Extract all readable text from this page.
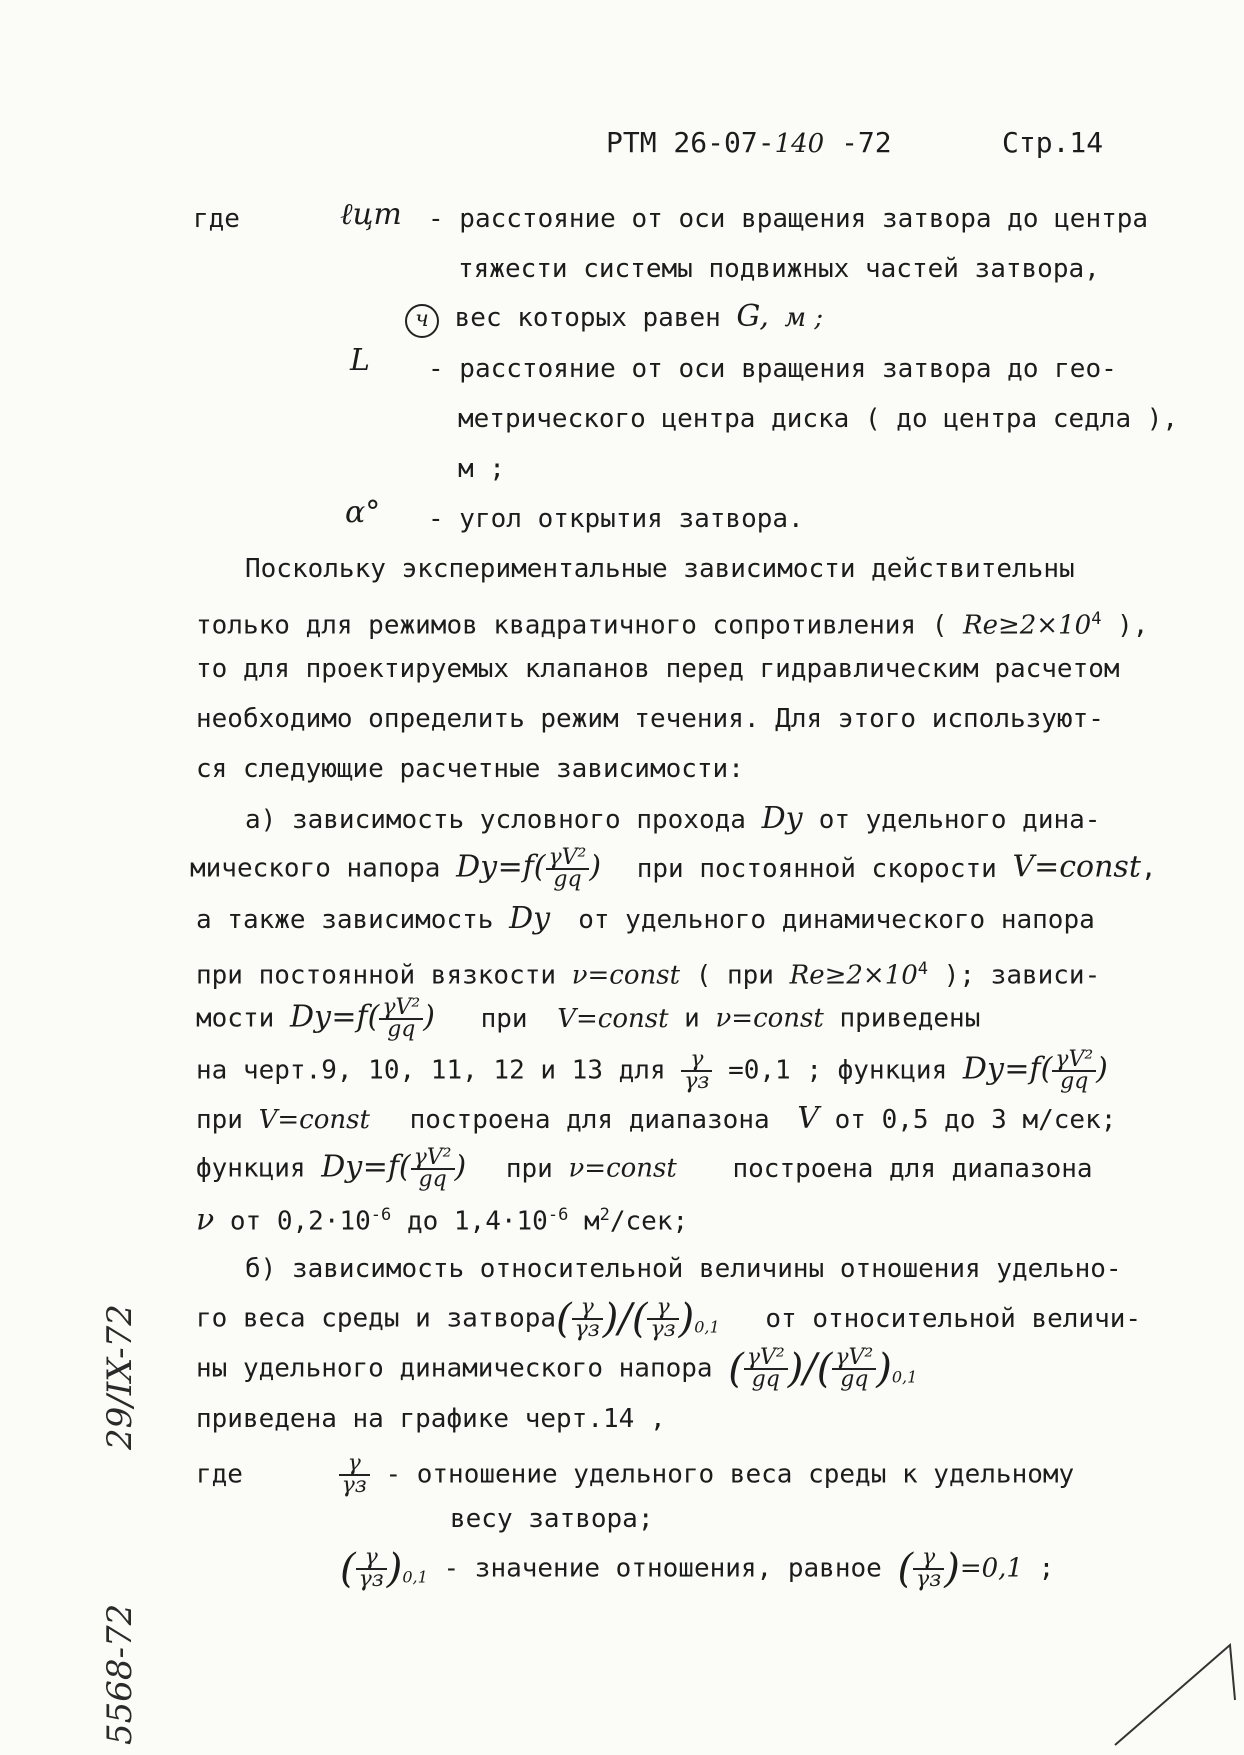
РТМ 26-07-140 -72	Стр.14
где	ℓцт - расстояние от оси вращения затвора до центра
тяжести системы подвижных частей затвора,
ч вес которых равен G, м ;
L - расстояние от оси вращения затвора до гео-
метрического центра диска ( до центра седла ),
м ;
α° - угол открытия затвора.
Поскольку экспериментальные зависимости действительны
только для режимов квадратичного сопротивления ( $Re\ge 2\times 10^4$ ),
то для проектируемых клапанов перед гидравлическим расчетом
необходимо определить режим течения. Для этого используют-
ся следующие расчетные зависимости:
а) зависимость условного прохода Dу от удельного дина-
мического напора $Dу=f( \frac{\text{γV²}}{gq}$ ) при постоянной скорости V=const,
а также зависимость Dу от удельного динамического напора
при постоянной вязкости ν=const ( при $Re\ge 2\times 10^4$ ); зависи-
мости $Dу=f( \frac{\text{γV²}}{gq}$ ) при V=const и ν=const приведены
на черт.9, 10, 11, 12 и 13 для $\frac{\gamma}{\gamma з} =0,1$ ; функция $Dу=f( \frac{\text{γV²}}{gq}$ )
при V=const построена для диапазона V от 0,5 до 3 м/сек;
функция $Dу=f( \frac{\text{γV²}}{gq}$ ) при ν=const построена для диапазона
ν от $0,2\cdot 10^{-6}$ до $1,4\cdot 10^{-6}$ $м^2$/сек;
б) зависимость относительной величины отношения удельно-
го веса среды и затвора( $\frac{\gamma}{\gamma з}$ )/( $\frac{\gamma}{\gamma з} )_{0,1}$ от относительной величи-
ны удельного динамического напора ( $\frac{\text{γV²}}{gq}$ )/( $\frac{\text{γV²}}{gq} )_{0,1}$
приведена на графике черт.14 ,
где	$\frac{\gamma}{\gamma з}$ - отношение удельного веса среды к удельному
весу затвора;
( $\frac{\gamma}{\gamma з} )_{0,1}$ - значение отношения, равное ( $\frac{\gamma}{\gamma з} )=0,1$ ;
5568-72
29/IX-72
